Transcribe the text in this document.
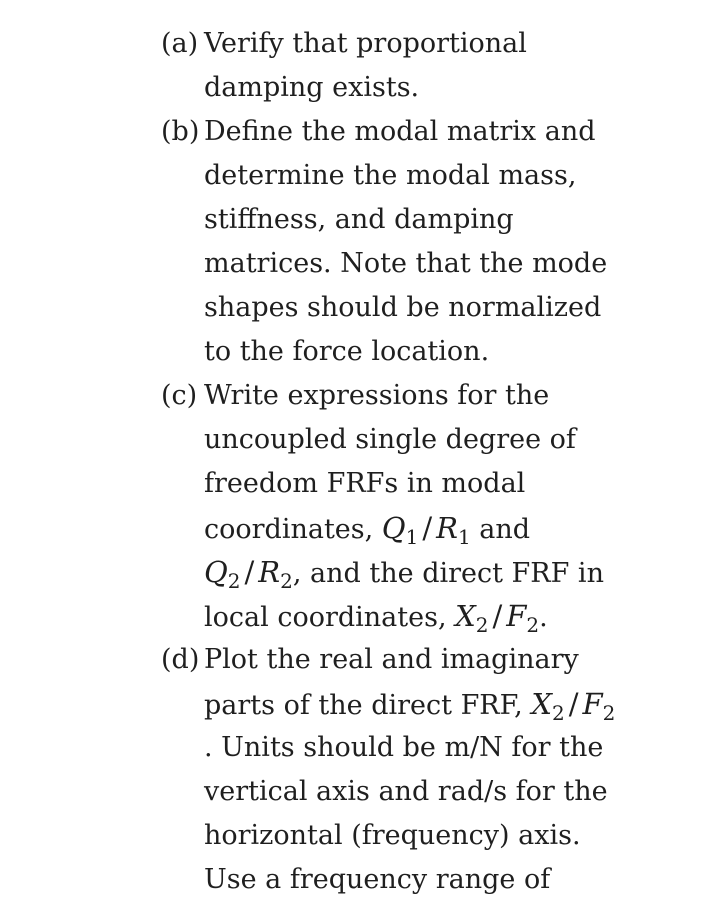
(a) Verify that proportional
damping exists.
(b) Define the modal matrix and
determine the modal mass,
stiffness, and damping
matrices. Note that the mode
shapes should be normalized
to the force location.
(c) Write expressions for the
uncoupled single degree of
freedom FRFs in modal
coordinates, $Q_1 / R_1$ and
$Q_2 / R_2$, and the direct FRF in
local coordinates, $X_2 / F_2$.
(d) Plot the real and imaginary
parts of the direct FRF, $X_2 / F_2$
. Units should be m/N for the
vertical axis and rad/s for the
horizontal (frequency) axis.
Use a frequency range of
